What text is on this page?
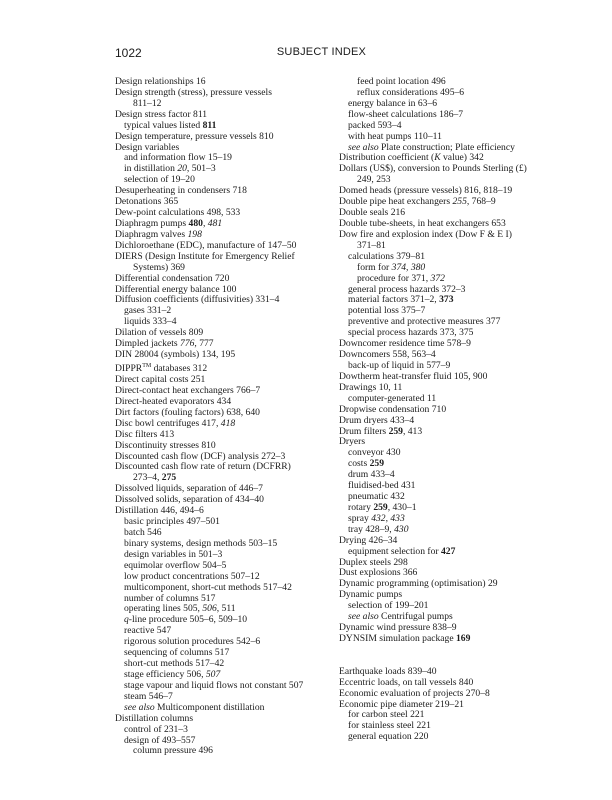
1022	SUBJECT INDEX
Design relationships 16
Design strength (stress), pressure vessels
811–12
Design stress factor 811
typical values listed 811
Design temperature, pressure vessels 810
Design variables
and information flow 15–19
in distillation 20, 501–3
selection of 19–20
Desuperheating in condensers 718
Detonations 365
Dew-point calculations 498, 533
Diaphragm pumps 480, 481
Diaphragm valves 198
Dichloroethane (EDC), manufacture of 147–50
DIERS (Design Institute for Emergency Relief
Systems) 369
Differential condensation 720
Differential energy balance 100
Diffusion coefficients (diffusivities) 331–4
gases 331–2
liquids 333–4
Dilation of vessels 809
Dimpled jackets 776, 777
DIN 28004 (symbols) 134, 195
DIPPR™ databases 312
Direct capital costs 251
Direct-contact heat exchangers 766–7
Direct-heated evaporators 434
Dirt factors (fouling factors) 638, 640
Disc bowl centrifuges 417, 418
Disc filters 413
Discontinuity stresses 810
Discounted cash flow (DCF) analysis 272–3
Discounted cash flow rate of return (DCFRR)
273–4, 275
Dissolved liquids, separation of 446–7
Dissolved solids, separation of 434–40
Distillation 446, 494–6
basic principles 497–501
batch 546
binary systems, design methods 503–15
design variables in 501–3
equimolar overflow 504–5
low product concentrations 507–12
multicomponent, short-cut methods 517–42
number of columns 517
operating lines 505, 506, 511
q-line procedure 505–6, 509–10
reactive 547
rigorous solution procedures 542–6
sequencing of columns 517
short-cut methods 517–42
stage efficiency 506, 507
stage vapour and liquid flows not constant 507
steam 546–7
see also Multicomponent distillation
Distillation columns
control of 231–3
design of 493–557
column pressure 496
feed point location 496
reflux considerations 495–6
energy balance in 63–6
flow-sheet calculations 186–7
packed 593–4
with heat pumps 110–11
see also Plate construction; Plate efficiency
Distribution coefficient (K value) 342
Dollars (US$), conversion to Pounds Sterling (£)
249, 253
Domed heads (pressure vessels) 816, 818–19
Double pipe heat exchangers 255, 768–9
Double seals 216
Double tube-sheets, in heat exchangers 653
Dow fire and explosion index (Dow F & E I)
371–81
calculations 379–81
form for 374, 380
procedure for 371, 372
general process hazards 372–3
material factors 371–2, 373
potential loss 375–7
preventive and protective measures 377
special process hazards 373, 375
Downcomer residence time 578–9
Downcomers 558, 563–4
back-up of liquid in 577–9
Dowtherm heat-transfer fluid 105, 900
Drawings 10, 11
computer-generated 11
Dropwise condensation 710
Drum dryers 433–4
Drum filters 259, 413
Dryers
conveyor 430
costs 259
drum 433–4
fluidised-bed 431
pneumatic 432
rotary 259, 430–1
spray 432, 433
tray 428–9, 430
Drying 426–34
equipment selection for 427
Duplex steels 298
Dust explosions 366
Dynamic programming (optimisation) 29
Dynamic pumps
selection of 199–201
see also Centrifugal pumps
Dynamic wind pressure 838–9
DYNSIM simulation package 169
Earthquake loads 839–40
Eccentric loads, on tall vessels 840
Economic evaluation of projects 270–8
Economic pipe diameter 219–21
for carbon steel 221
for stainless steel 221
general equation 220
